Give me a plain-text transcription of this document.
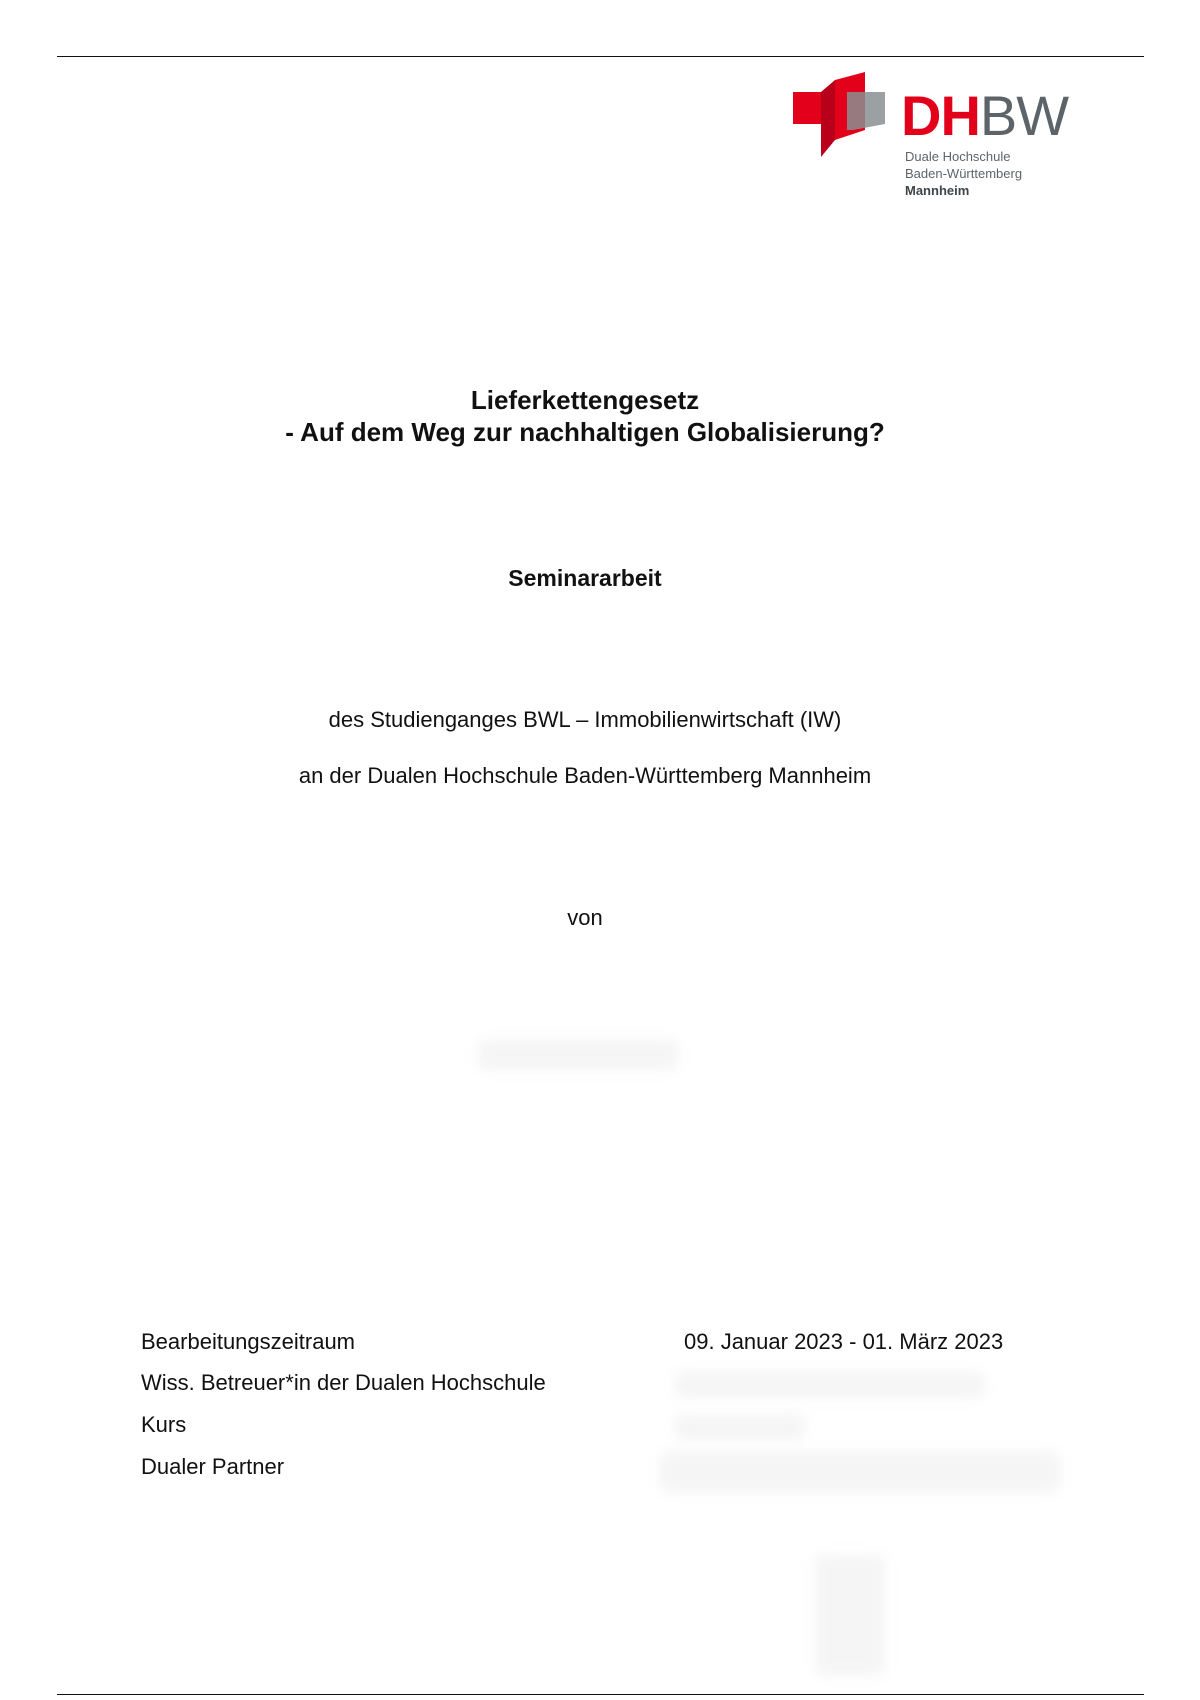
DHBW
Duale Hochschule
Baden-Württemberg
Mannheim
Lieferkettengesetz
- Auf dem Weg zur nachhaltigen Globalisierung?
Seminararbeit
des Studienganges BWL – Immobilienwirtschaft (IW)
an der Dualen Hochschule Baden-Württemberg Mannheim
von
Bearbeitungszeitraum
Wiss. Betreuer*in der Dualen Hochschule
Kurs
Dualer Partner
09. Januar 2023 - 01. März 2023
